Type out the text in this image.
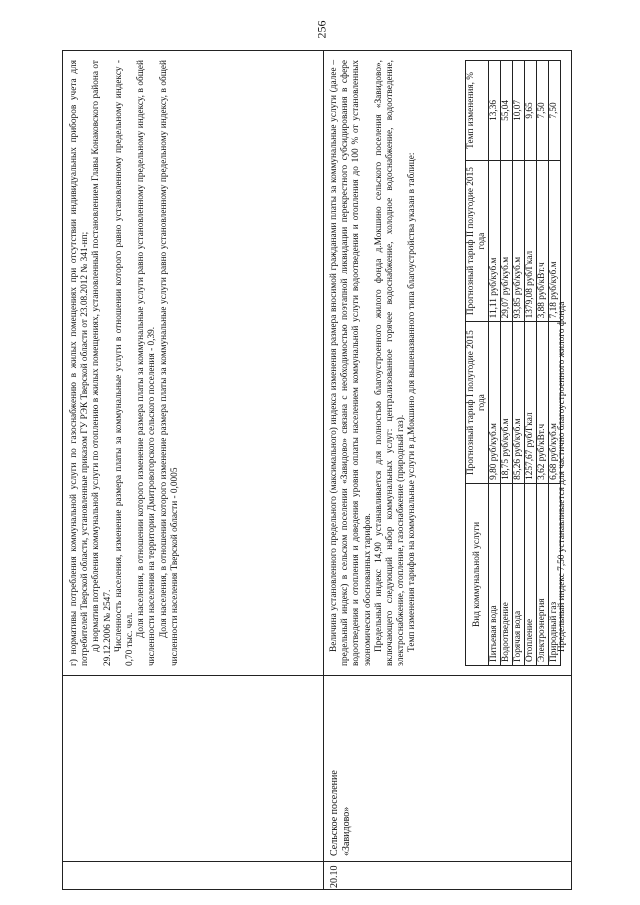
256

г) нормативы потребления коммунальной услуги по газоснабжению в жилых помещениях при отсутствии индивидуальных приборов учета для потребителей Тверской области, установленные приказом ГУ РЭК Тверской области от 23.08.2012 № 341-нп; д) норматив потребления коммунальной услуги по отоплению в жилых помещениях, установленный постановлением Главы Конаковского района от 29.12.2006 № 2547. Численность населения, изменение размера платы за коммунальные услуги в отношении которого равно установленному предельному индексу - 0,70 тыс. чел.

Доля населения, в отношении которого изменение размера платы за коммунальные услуги равно установленному предельному индексу, в общей численности населения на территории Дмитровогорского сельского поселения - 0,39. Доля населения, в отношении которого изменение размера платы за коммунальные услуги равно установленному предельному индексу, в общей численности населения Тверской области - 0,0005

20.10
Сельское поселение «Завидово»

Величина установленного предельного (максимального) индекса изменения размера вносимой гражданами платы за коммунальные услуги (далее – предельный индекс) в сельском поселении «Завидово» связана с необходимостью поэтапной ликвидации перекрестного субсидирования в сфере водоотведения и отопления и доведения уровня оплаты населением коммунальной услуги водоотведения и отопления до 100 % от установленных экономически обоснованных тарифов. Предельный индекс 14,90 устанавливается для полностью благоустроенного жилого фонда д.Мокшино сельского поселения «Завидово», включающего следующий набор коммунальных услуг: централизованное горячее водоснабжение, холодное водоснабжение, водоотведение, электроснабжение, отопление, газоснабжение (природный газ). Темп изменения тарифов на коммунальные услуги в д.Мокшино для вышеназванного типа благоустройства указан в таблице:	Вид коммунальной услуги	Прогнозный тариф I полугодие 2015 года	Прогнозный тариф II полугодие 2015 года	Темп изменения, %
Питьевая вода	9,80 руб/куб.м	11,11 руб/куб.м	13,36
Водоотведение	18,75 руб/куб.м	29,07 руб/куб.м	55,04
Горячая вода	85,26 руб/куб.м	93,85 руб/куб.м	10,07
Отопление	1257,67 руб/Гкал	1379,08 руб/Гкал	9,65
Электроэнергия	3,62 руб/кВт.ч	3,88 руб/кВт.ч	7,50
Природный газ	6,68 руб/куб.м	7,18 руб/куб.м	7,50

Предельный индекс 7,50 устанавливается для частично благоустроенного жилого фонда
